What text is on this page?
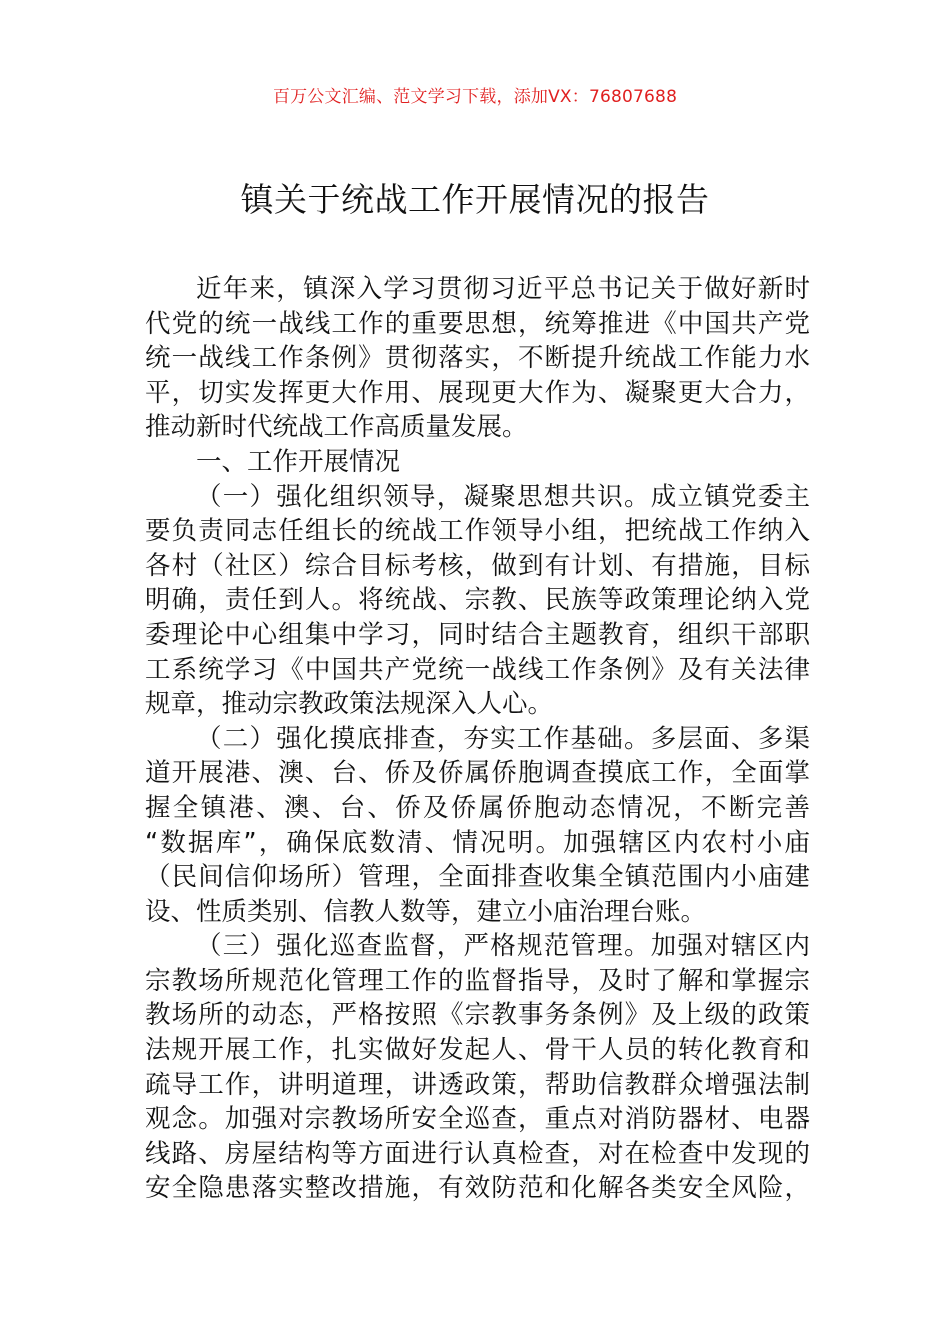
百万公文汇编、范文学习下载，添加VX：76807688
镇关于统战工作开展情况的报告
近年来，镇深入学习贯彻习近平总书记关于做好新时
代党的统一战线工作的重要思想，统筹推进《中国共产党
统一战线工作条例》贯彻落实，不断提升统战工作能力水
平，切实发挥更大作用、展现更大作为、凝聚更大合力，
推动新时代统战工作高质量发展。
一、工作开展情况
（一）强化组织领导，凝聚思想共识。成立镇党委主
要负责同志任组长的统战工作领导小组，把统战工作纳入
各村（社区）综合目标考核，做到有计划、有措施，目标
明确，责任到人。将统战、宗教、民族等政策理论纳入党
委理论中心组集中学习，同时结合主题教育，组织干部职
工系统学习《中国共产党统一战线工作条例》及有关法律
规章，推动宗教政策法规深入人心。
（二）强化摸底排查，夯实工作基础。多层面、多渠
道开展港、澳、台、侨及侨属侨胞调查摸底工作，全面掌
握全镇港、澳、台、侨及侨属侨胞动态情况，不断完善
“数据库”，确保底数清、情况明。加强辖区内农村小庙
（民间信仰场所）管理，全面排查收集全镇范围内小庙建
设、性质类别、信教人数等，建立小庙治理台账。
（三）强化巡查监督，严格规范管理。加强对辖区内
宗教场所规范化管理工作的监督指导，及时了解和掌握宗
教场所的动态，严格按照《宗教事务条例》及上级的政策
法规开展工作，扎实做好发起人、骨干人员的转化教育和
疏导工作，讲明道理，讲透政策，帮助信教群众增强法制
观念。加强对宗教场所安全巡查，重点对消防器材、电器
线路、房屋结构等方面进行认真检查，对在检查中发现的
安全隐患落实整改措施，有效防范和化解各类安全风险，
